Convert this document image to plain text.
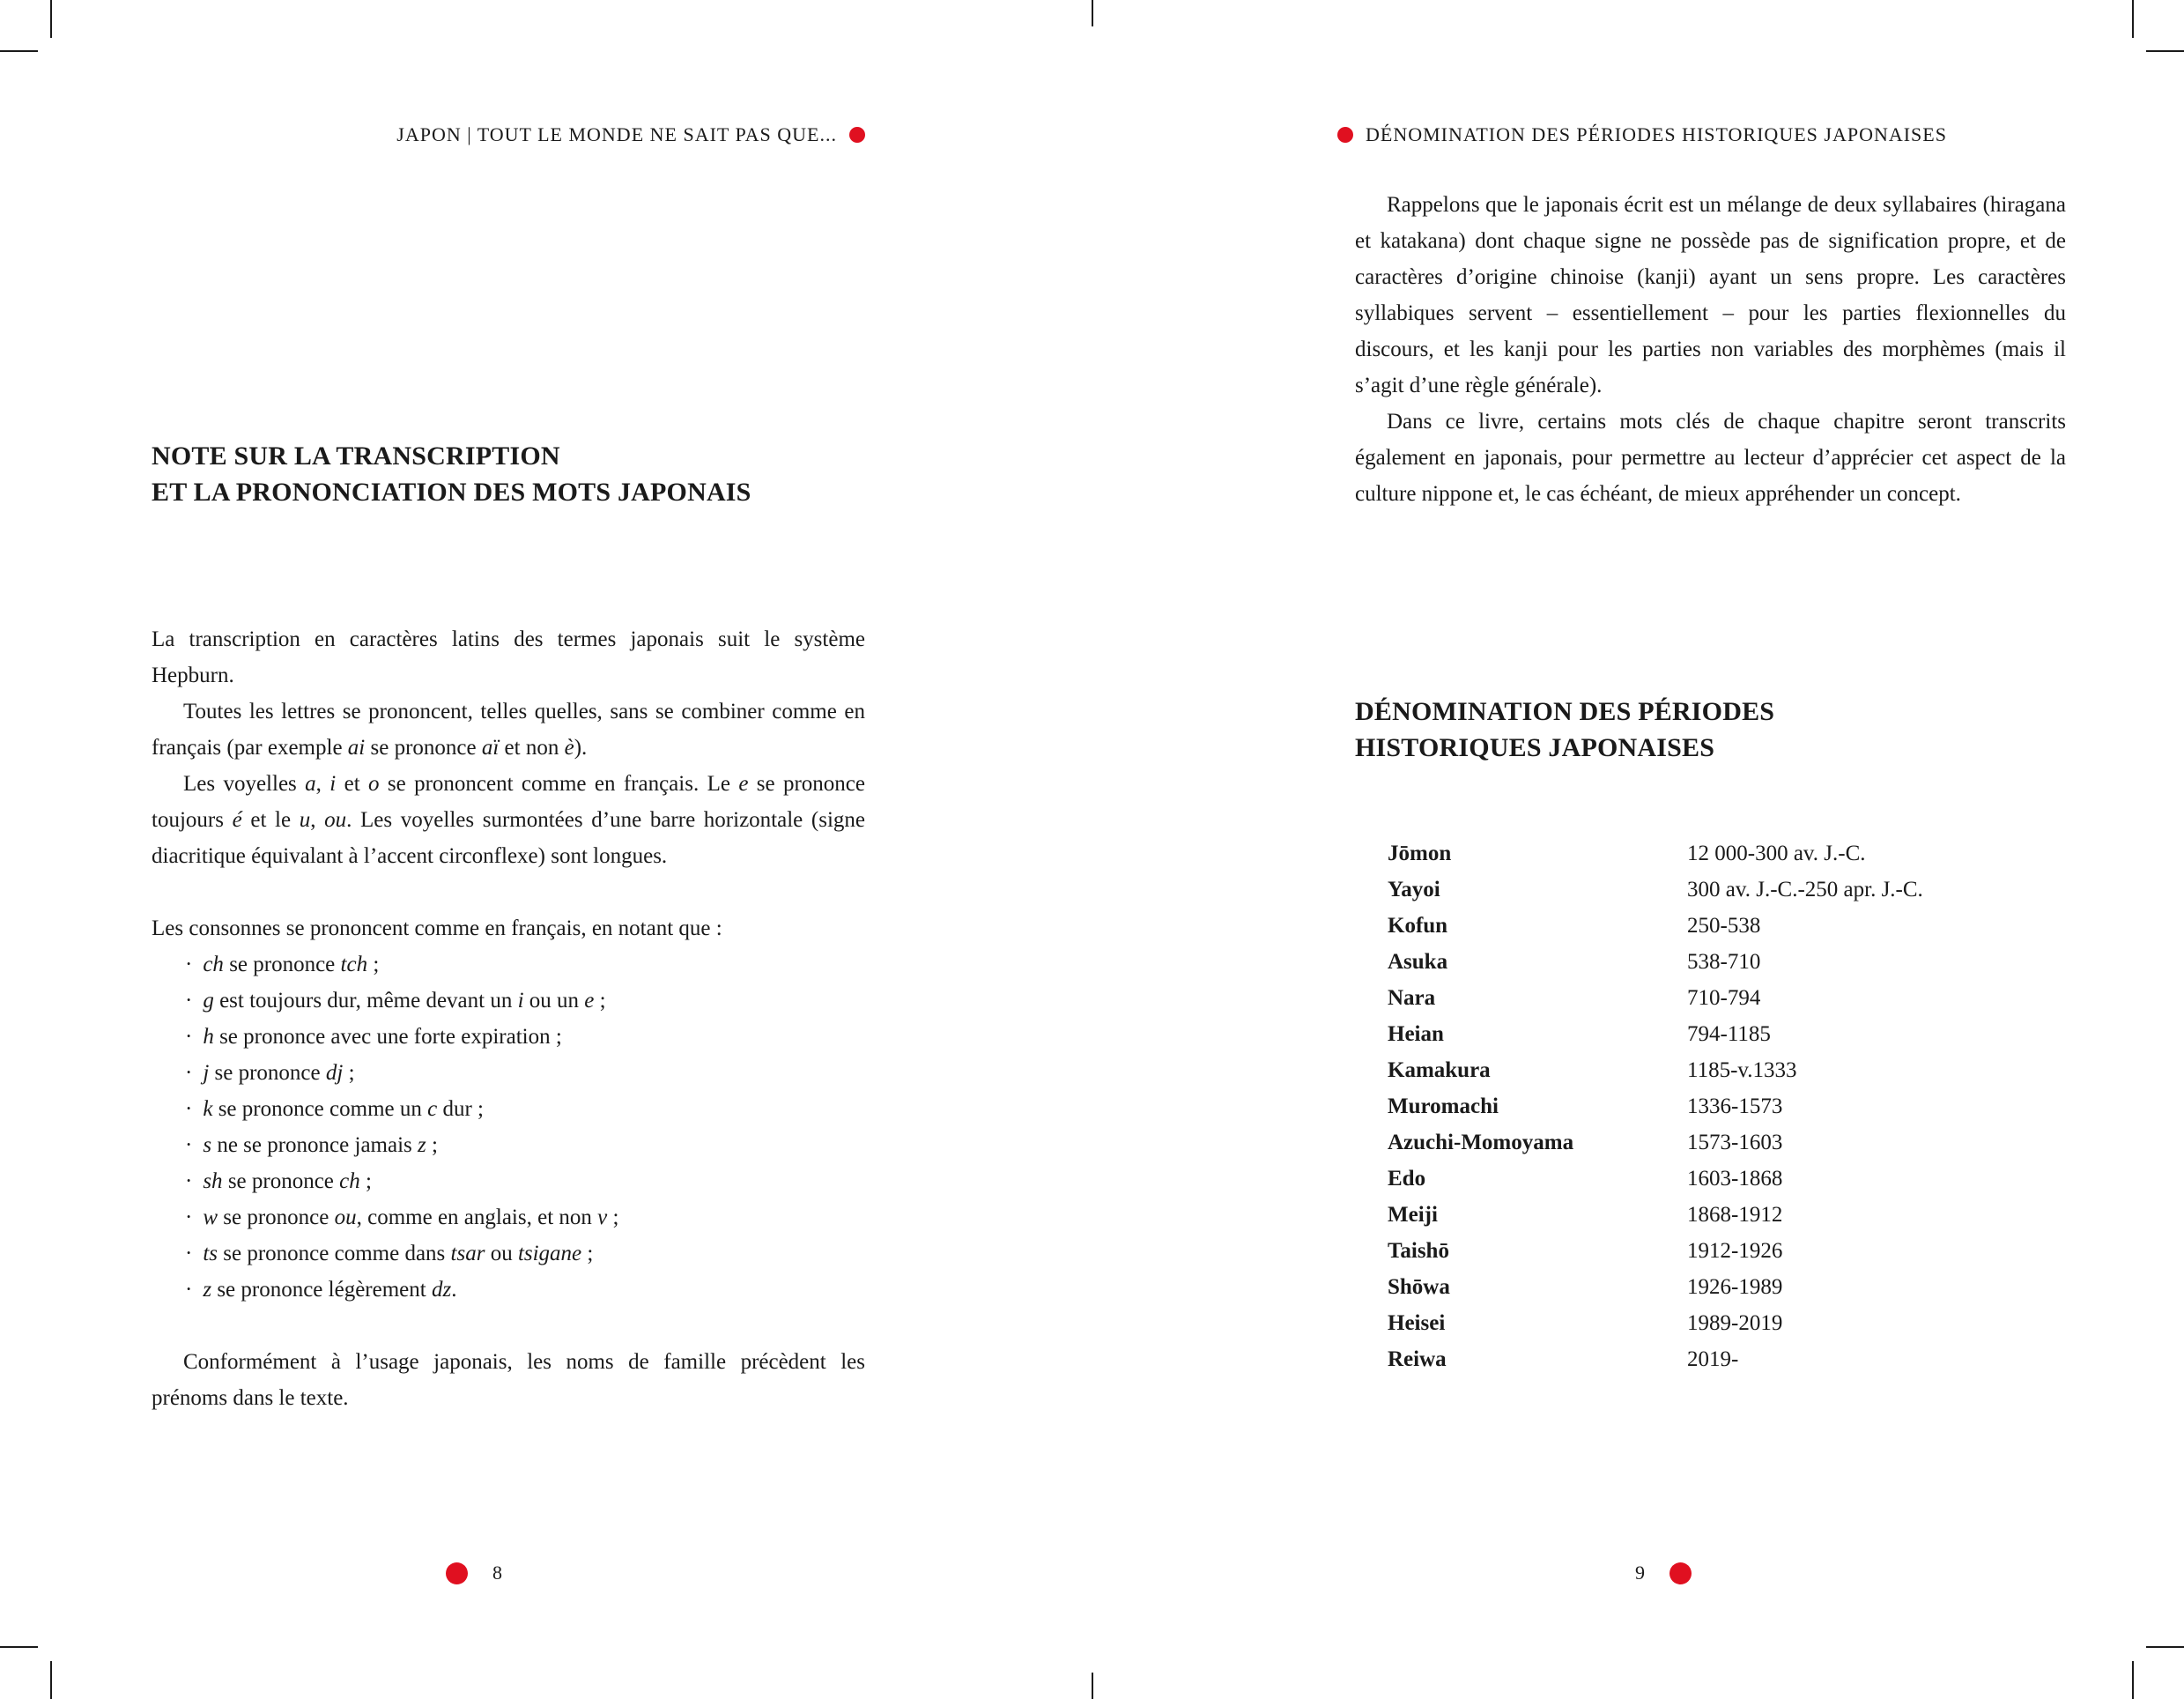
JAPON | TOUT LE MONDE NE SAIT PAS QUE...
NOTE SUR LA TRANSCRIPTION
ET LA PRONONCIATION DES MOTS JAPONAIS

La transcription en caractères latins des termes japonais suit le système Hepburn.

Toutes les lettres se prononcent, telles quelles, sans se combiner comme en français (par exemple ai se prononce aï et non è).

Les voyelles a, i et o se prononcent comme en français. Le e se prononce toujours é et le u, ou. Les voyelles surmontées d’une barre horizontale (signe diacritique équivalant à l’accent circonflexe) sont longues.

Les consonnes se prononcent comme en français, en notant que :

· ch se prononce tch ;
· g est toujours dur, même devant un i ou un e ;
· h se prononce avec une forte expiration ;
· j se prononce dj ;
· k se prononce comme un c dur ;
· s ne se prononce jamais z ;
· sh se prononce ch ;
· w se prononce ou, comme en anglais, et non v ;
· ts se prononce comme dans tsar ou tsigane ;
· z se prononce légèrement dz.

Conformément à l’usage japonais, les noms de famille précèdent les prénoms dans le texte.

8
DÉNOMINATION DES PÉRIODES HISTORIQUES JAPONAISES

Rappelons que le japonais écrit est un mélange de deux syllabaires (hiragana et katakana) dont chaque signe ne possède pas de signification propre, et de caractères d’origine chinoise (kanji) ayant un sens propre. Les caractères syllabiques servent – essentiellement – pour les parties flexionnelles du discours, et les kanji pour les parties non variables des morphèmes (mais il s’agit d’une règle générale).

Dans ce livre, certains mots clés de chaque chapitre seront transcrits également en japonais, pour permettre au lecteur d’apprécier cet aspect de la culture nippone et, le cas échéant, de mieux appréhender un concept.

DÉNOMINATION DES PÉRIODES
HISTORIQUES JAPONAISES
Jōmon	12 000-300 av. J.-C.
Yayoi	300 av. J.-C.-250 apr. J.-C.
Kofun	250-538
Asuka	538-710
Nara	710-794
Heian	794-1185
Kamakura	1185-v.1333
Muromachi	1336-1573
Azuchi-Momoyama	1573-1603
Edo	1603-1868
Meiji	1868-1912
Taishō	1912-1926
Shōwa	1926-1989
Heisei	1989-2019
Reiwa	2019-
9
